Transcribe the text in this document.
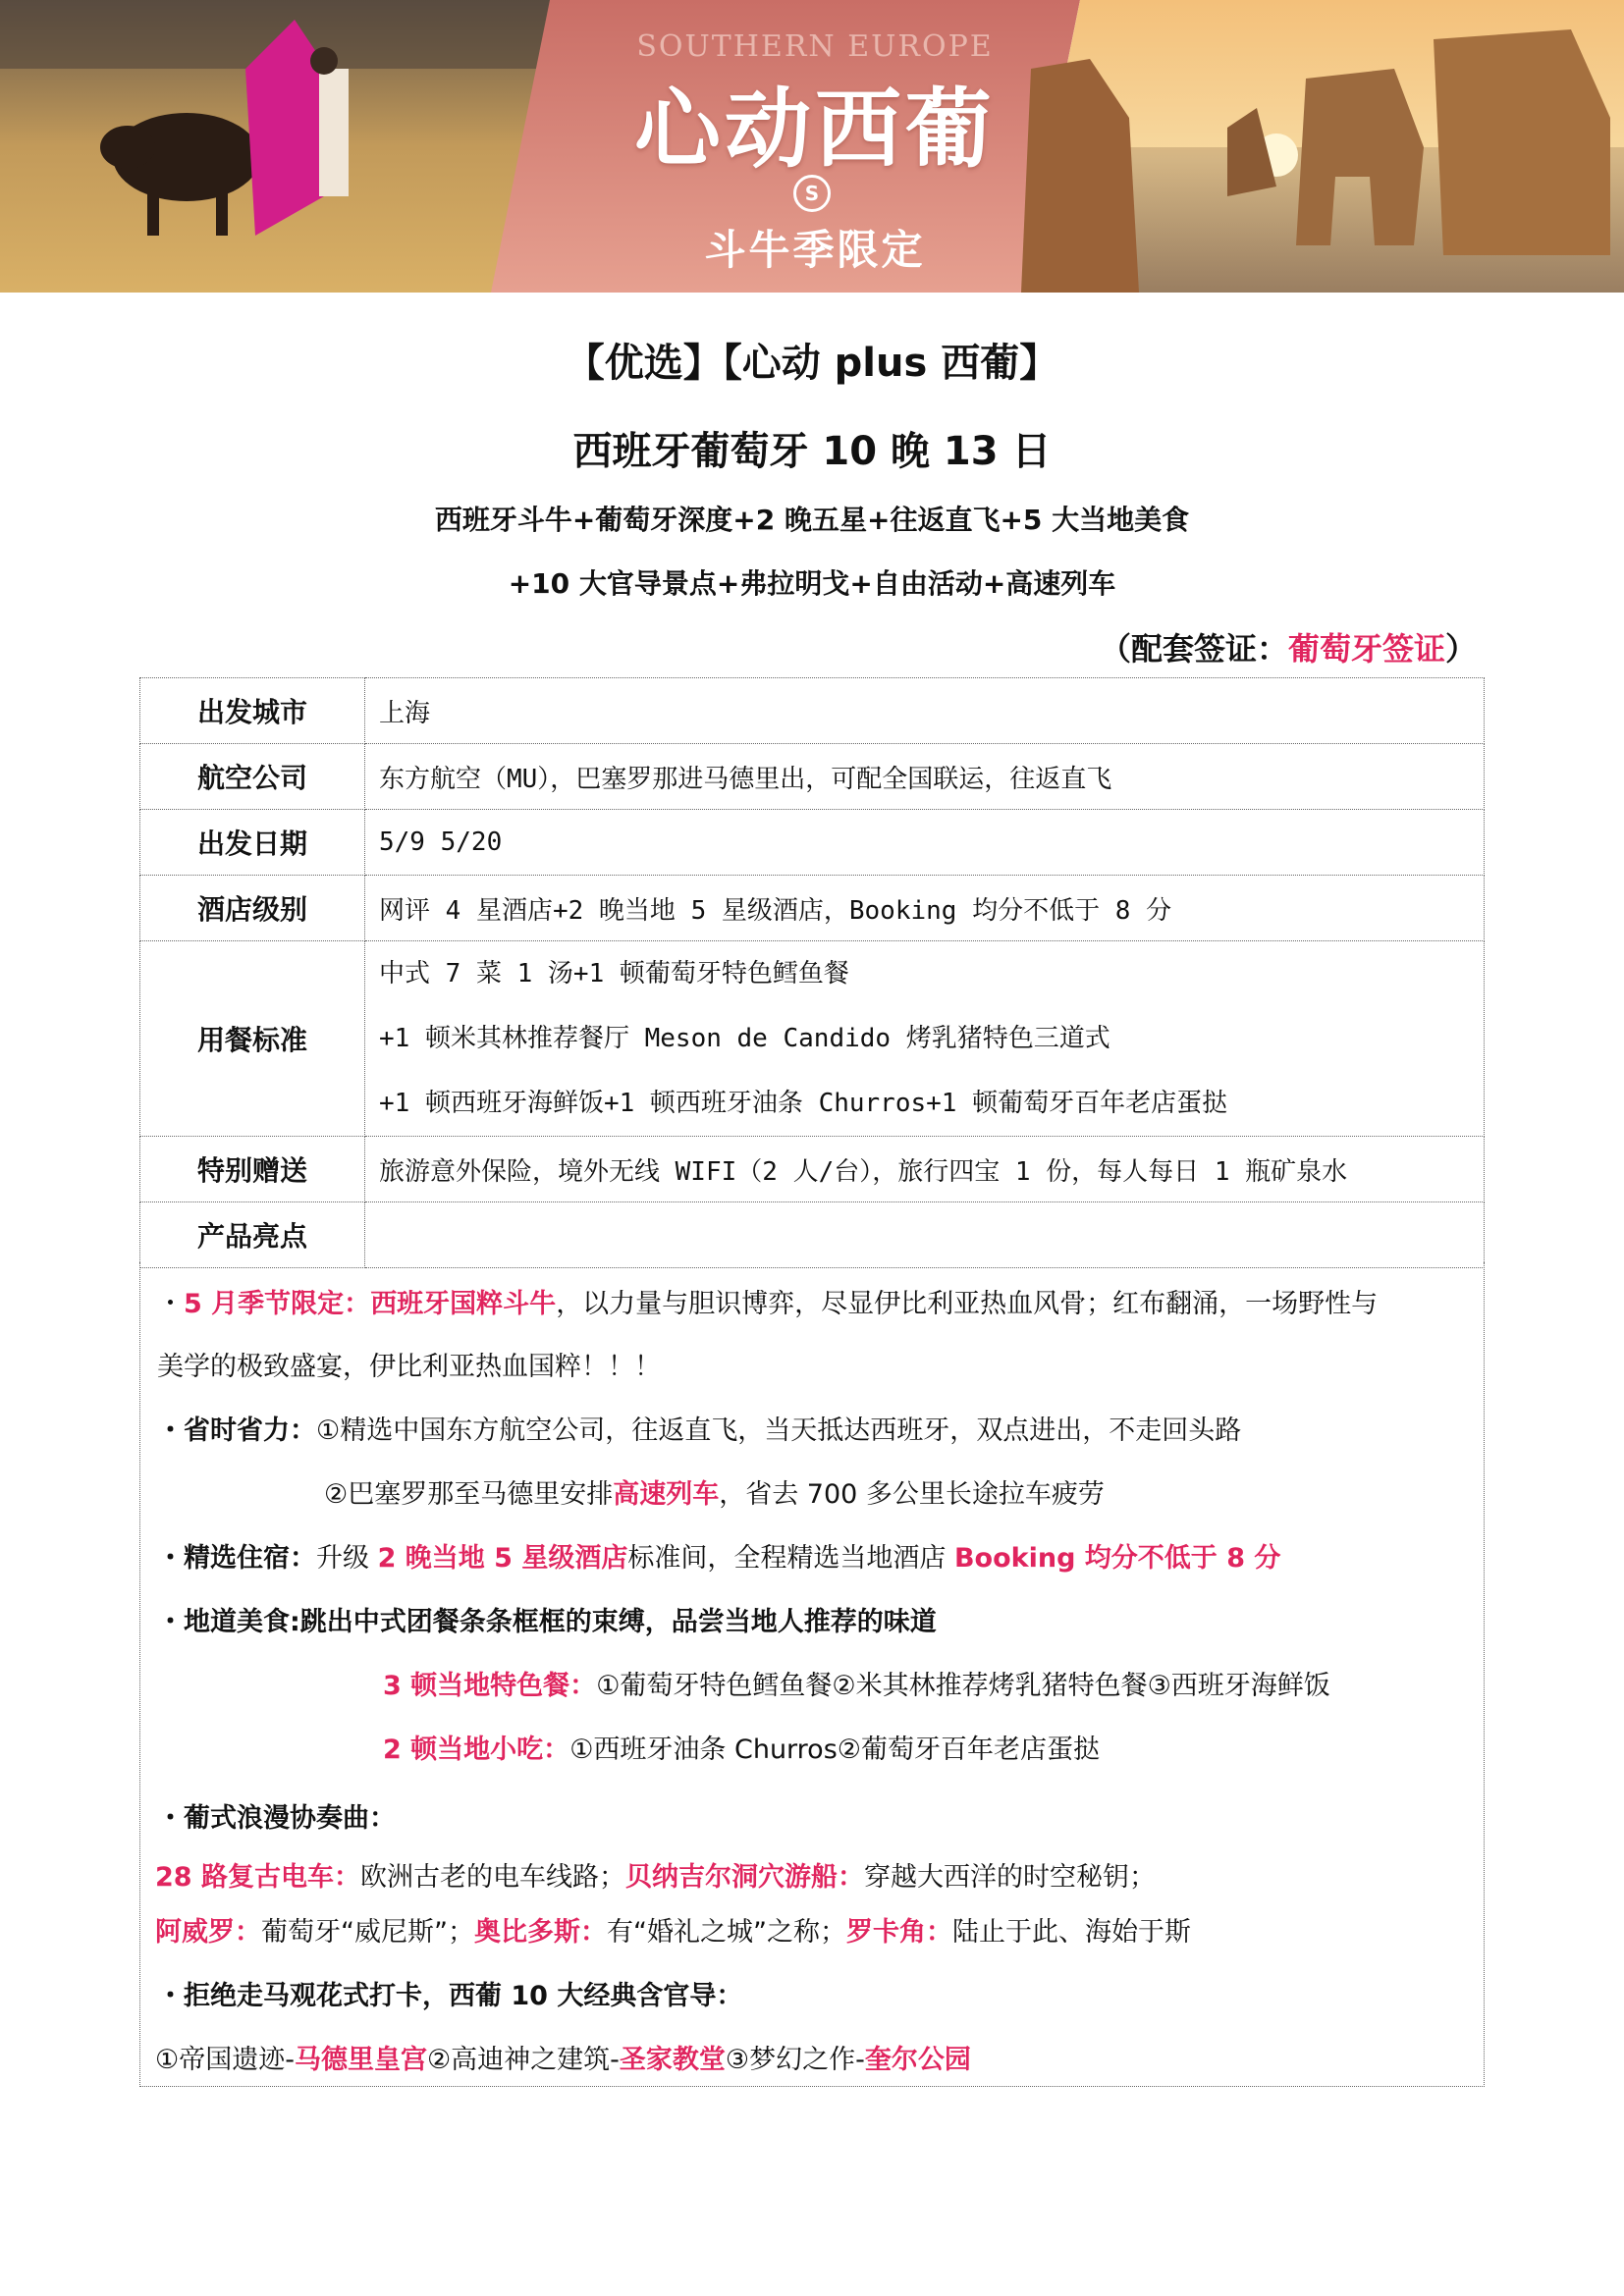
SOUTHERN EUROPE
心动西葡
S
斗牛季限定
【优选】【心动 plus 西葡】
西班牙葡萄牙 10 晚 13 日
西班牙斗牛+葡萄牙深度+2 晚五星+往返直飞+5 大当地美食
+10 大官导景点+弗拉明戈+自由活动+高速列车
（配套签证：葡萄牙签证）
出发城市	上海
航空公司	东方航空（MU），巴塞罗那进马德里出，可配全国联运，往返直飞
出发日期	5/9 5/20
酒店级别	网评 4 星酒店+2 晚当地 5 星级酒店，Booking 均分不低于 8 分
用餐标准	中式 7 菜 1 汤+1 顿葡萄牙特色鳕鱼餐
+1 顿米其林推荐餐厅 Meson de Candido 烤乳猪特色三道式
+1 顿西班牙海鲜饭+1 顿西班牙油条 Churros+1 顿葡萄牙百年老店蛋挞

特别赠送	旅游意外保险，境外无线 WIFI（2 人/台），旅行四宝 1 份，每人每日 1 瓶矿泉水
产品亮点	
・5 月季节限定：西班牙国粹斗牛，以力量与胆识博弈，尽显伊比利亚热血风骨；红布翻涌，一场野性与
美学的极致盛宴，伊比利亚热血国粹！！！
・省时省力：①精选中国东方航空公司，往返直飞，当天抵达西班牙，双点进出，不走回头路
②巴塞罗那至马德里安排高速列车，省去 700 多公里长途拉车疲劳
・精选住宿：升级 2 晚当地 5 星级酒店标准间，全程精选当地酒店 Booking 均分不低于 8 分
・地道美食:跳出中式团餐条条框框的束缚，品尝当地人推荐的味道
3 顿当地特色餐：①葡萄牙特色鳕鱼餐②米其林推荐烤乳猪特色餐③西班牙海鲜饭
2 顿当地小吃：①西班牙油条 Churros②葡萄牙百年老店蛋挞
・葡式浪漫协奏曲：
28 路复古电车：欧洲古老的电车线路；贝纳吉尔洞穴游船：穿越大西洋的时空秘钥；
阿威罗：葡萄牙“威尼斯”；奥比多斯：有“婚礼之城”之称；罗卡角：陆止于此、海始于斯
・拒绝走马观花式打卡，西葡 10 大经典含官导：
①帝国遗迹-马德里皇宫②高迪神之建筑-圣家教堂③梦幻之作-奎尔公园
